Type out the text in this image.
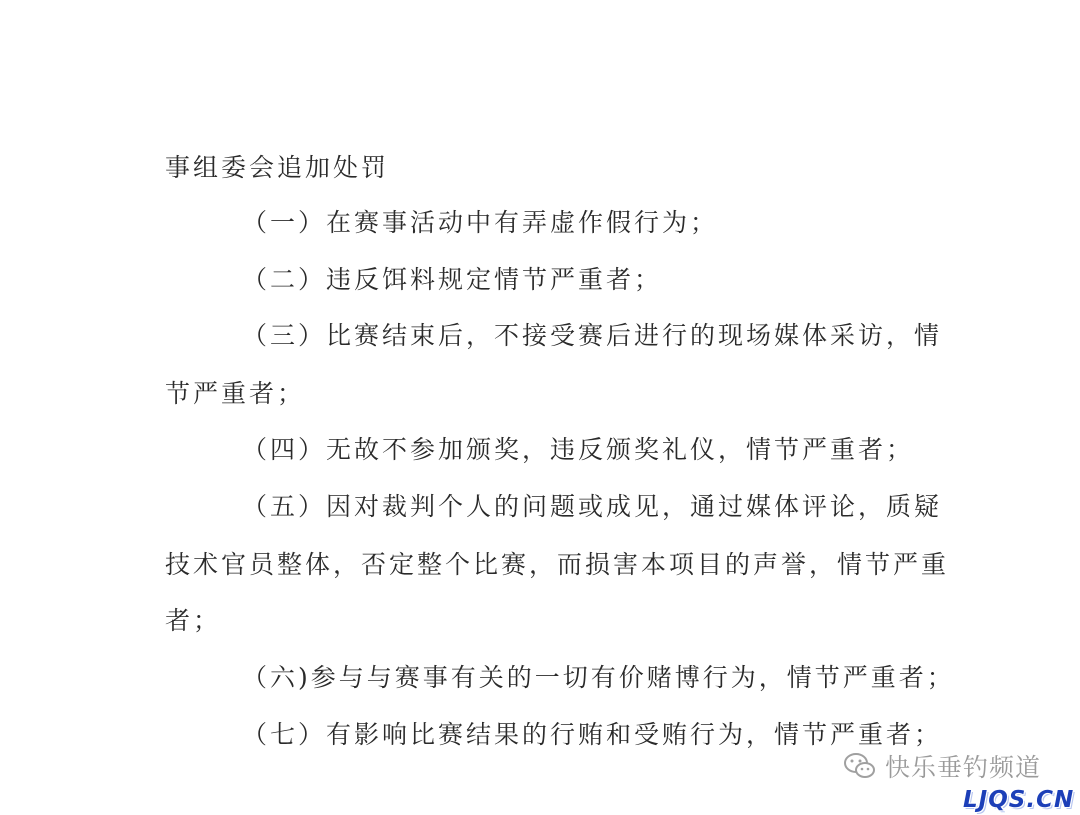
事组委会追加处罚
（一）在赛事活动中有弄虚作假行为；
（二）违反饵料规定情节严重者；
（三）比赛结束后，不接受赛后进行的现场媒体采访，情
节严重者；
（四）无故不参加颁奖，违反颁奖礼仪，情节严重者；
（五）因对裁判个人的问题或成见，通过媒体评论，质疑
技术官员整体，否定整个比赛，而损害本项目的声誉，情节严重
者；
（六)参与与赛事有关的一切有价赌博行为，情节严重者；
（七）有影响比赛结果的行贿和受贿行为，情节严重者；
快乐垂钓频道
LJQS.CN
